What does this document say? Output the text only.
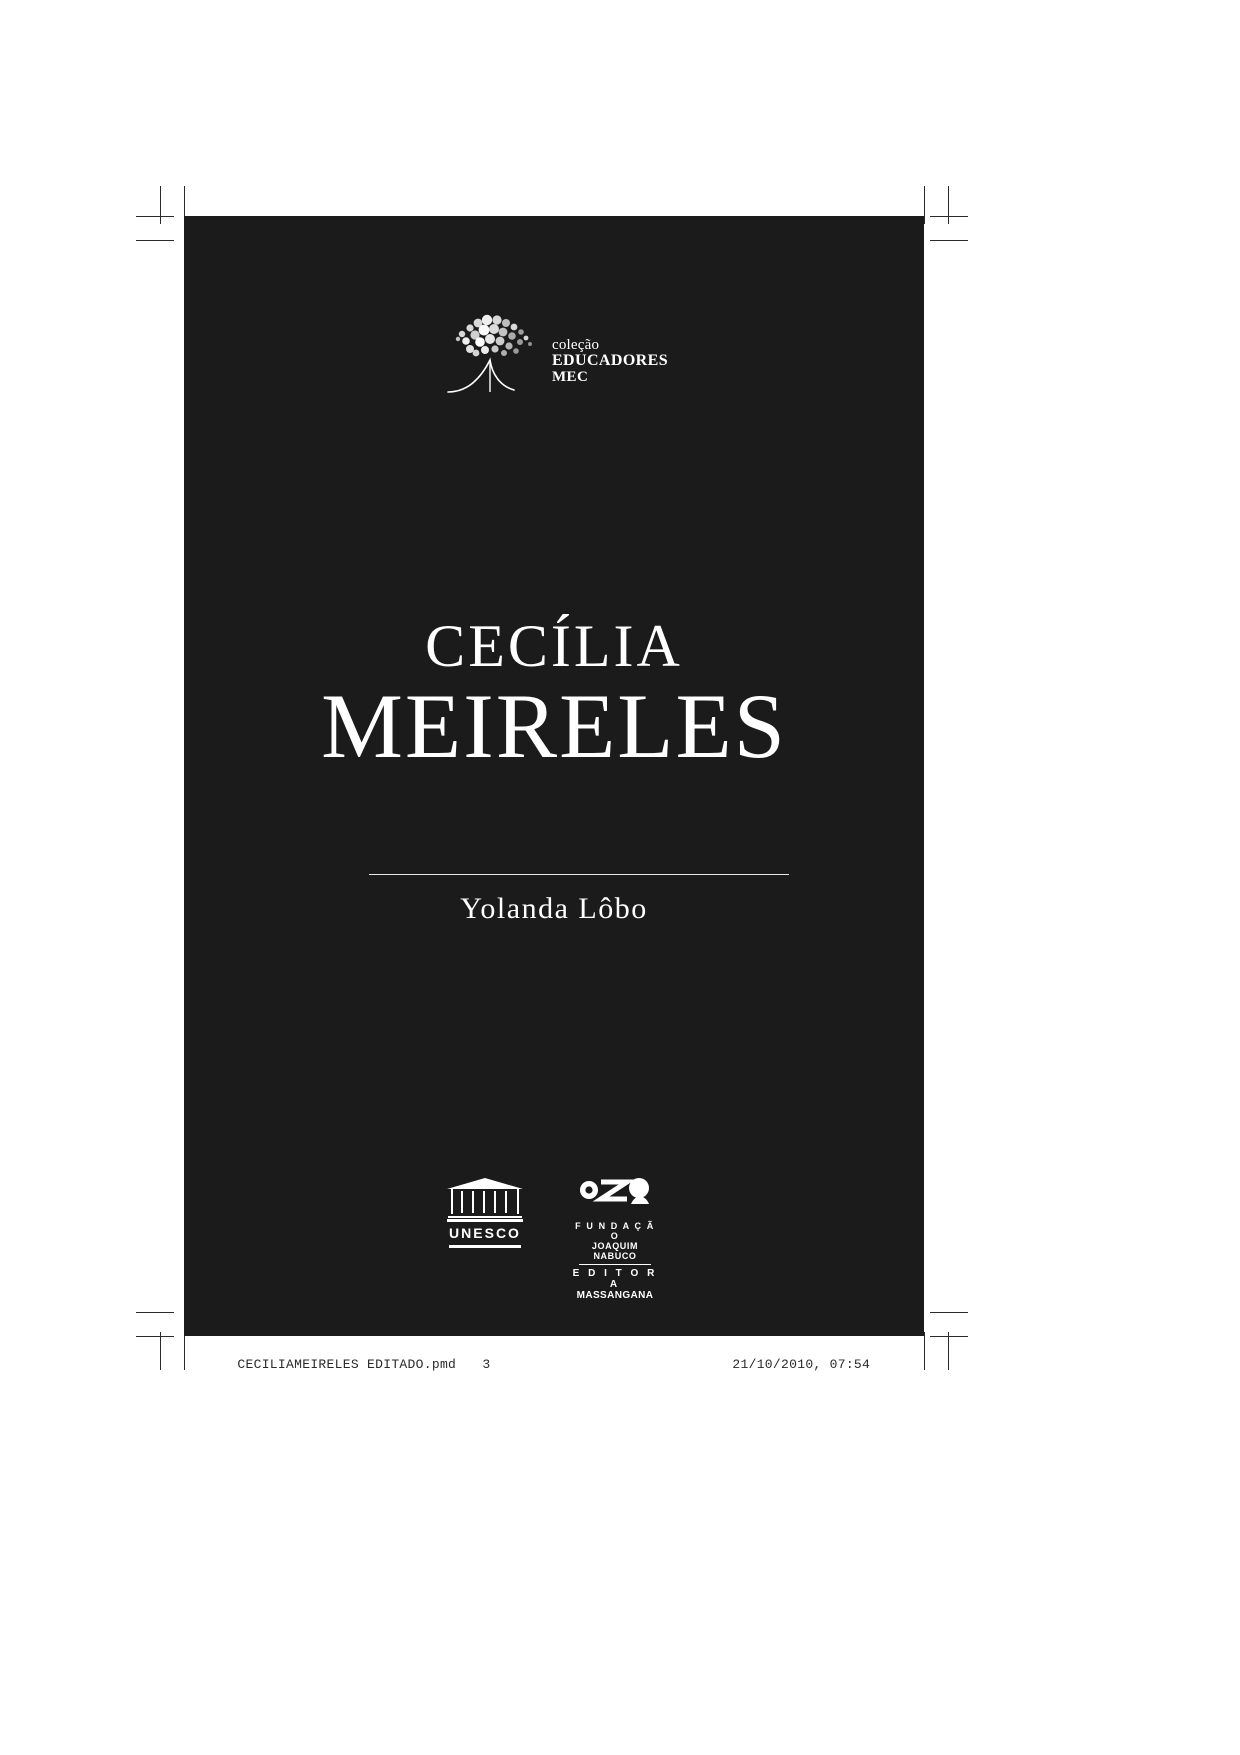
coleção
EDUCADORES
MEC
CECÍLIA
MEIRELES
Yolanda Lôbo
UNESCO	F U N D A Ç Ã O
JOAQUIM NABUCO
E D I T O R A
MASSANGANA

CECILIAMEIRELES EDITADO.pmd 3	21/10/2010, 07:54
